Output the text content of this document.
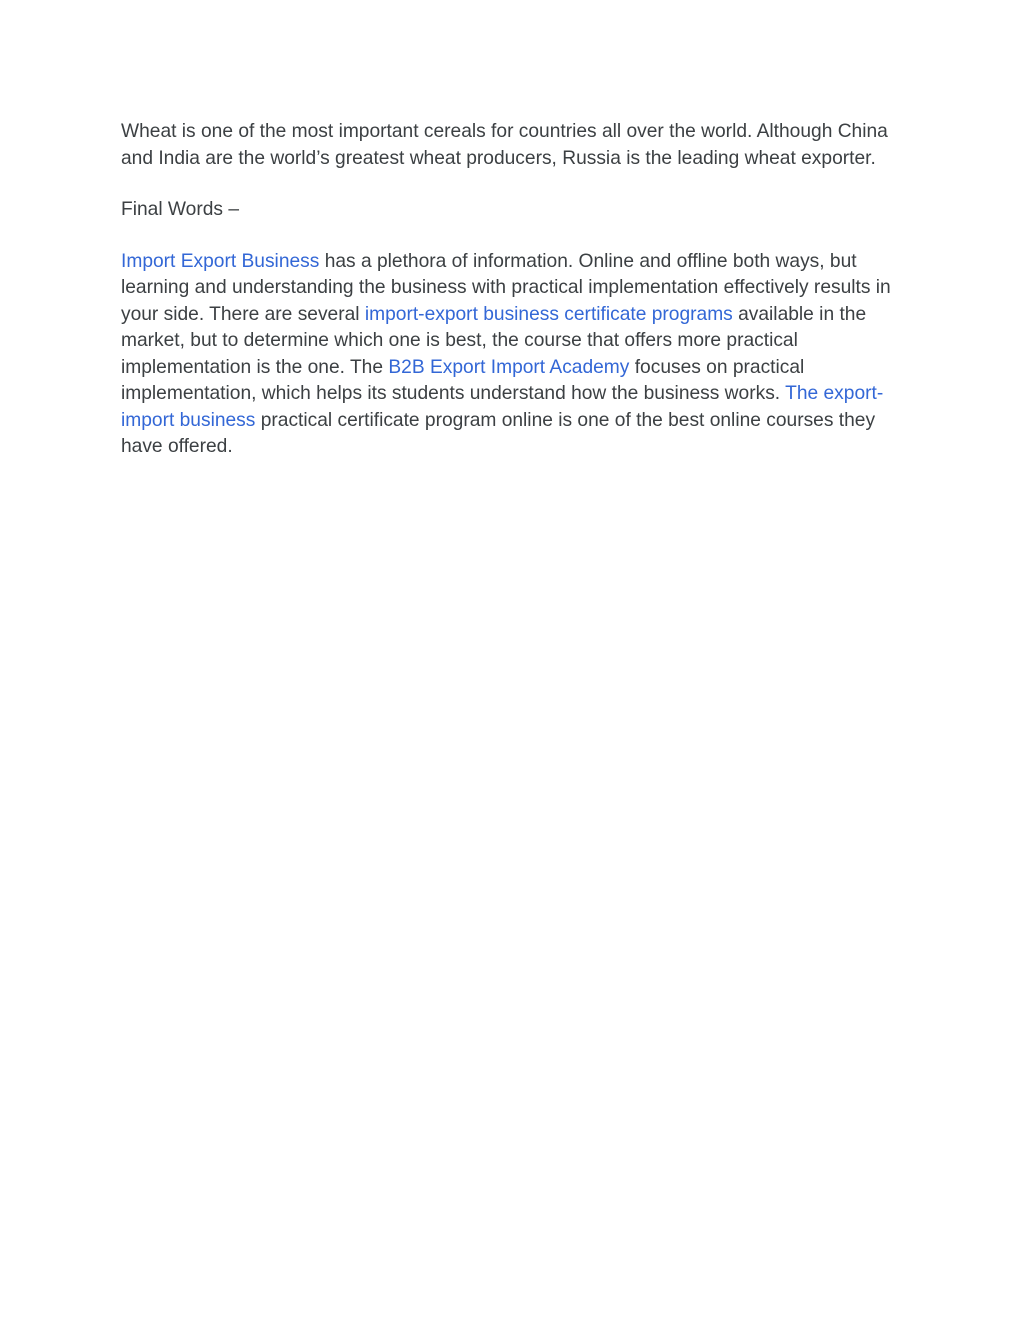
Wheat is one of the most important cereals for countries all over the world. Although China and India are the world’s greatest wheat producers, Russia is the leading wheat exporter.

Final Words –

Import Export Business has a plethora of information. Online and offline both ways, but learning and understanding the business with practical implementation effectively results in your side. There are several import-export business certificate programs available in the market, but to determine which one is best, the course that offers more practical implementation is the one. The B2B Export Import Academy focuses on practical implementation, which helps its students understand how the business works. The export-import business practical certificate program online is one of the best online courses they have offered.
